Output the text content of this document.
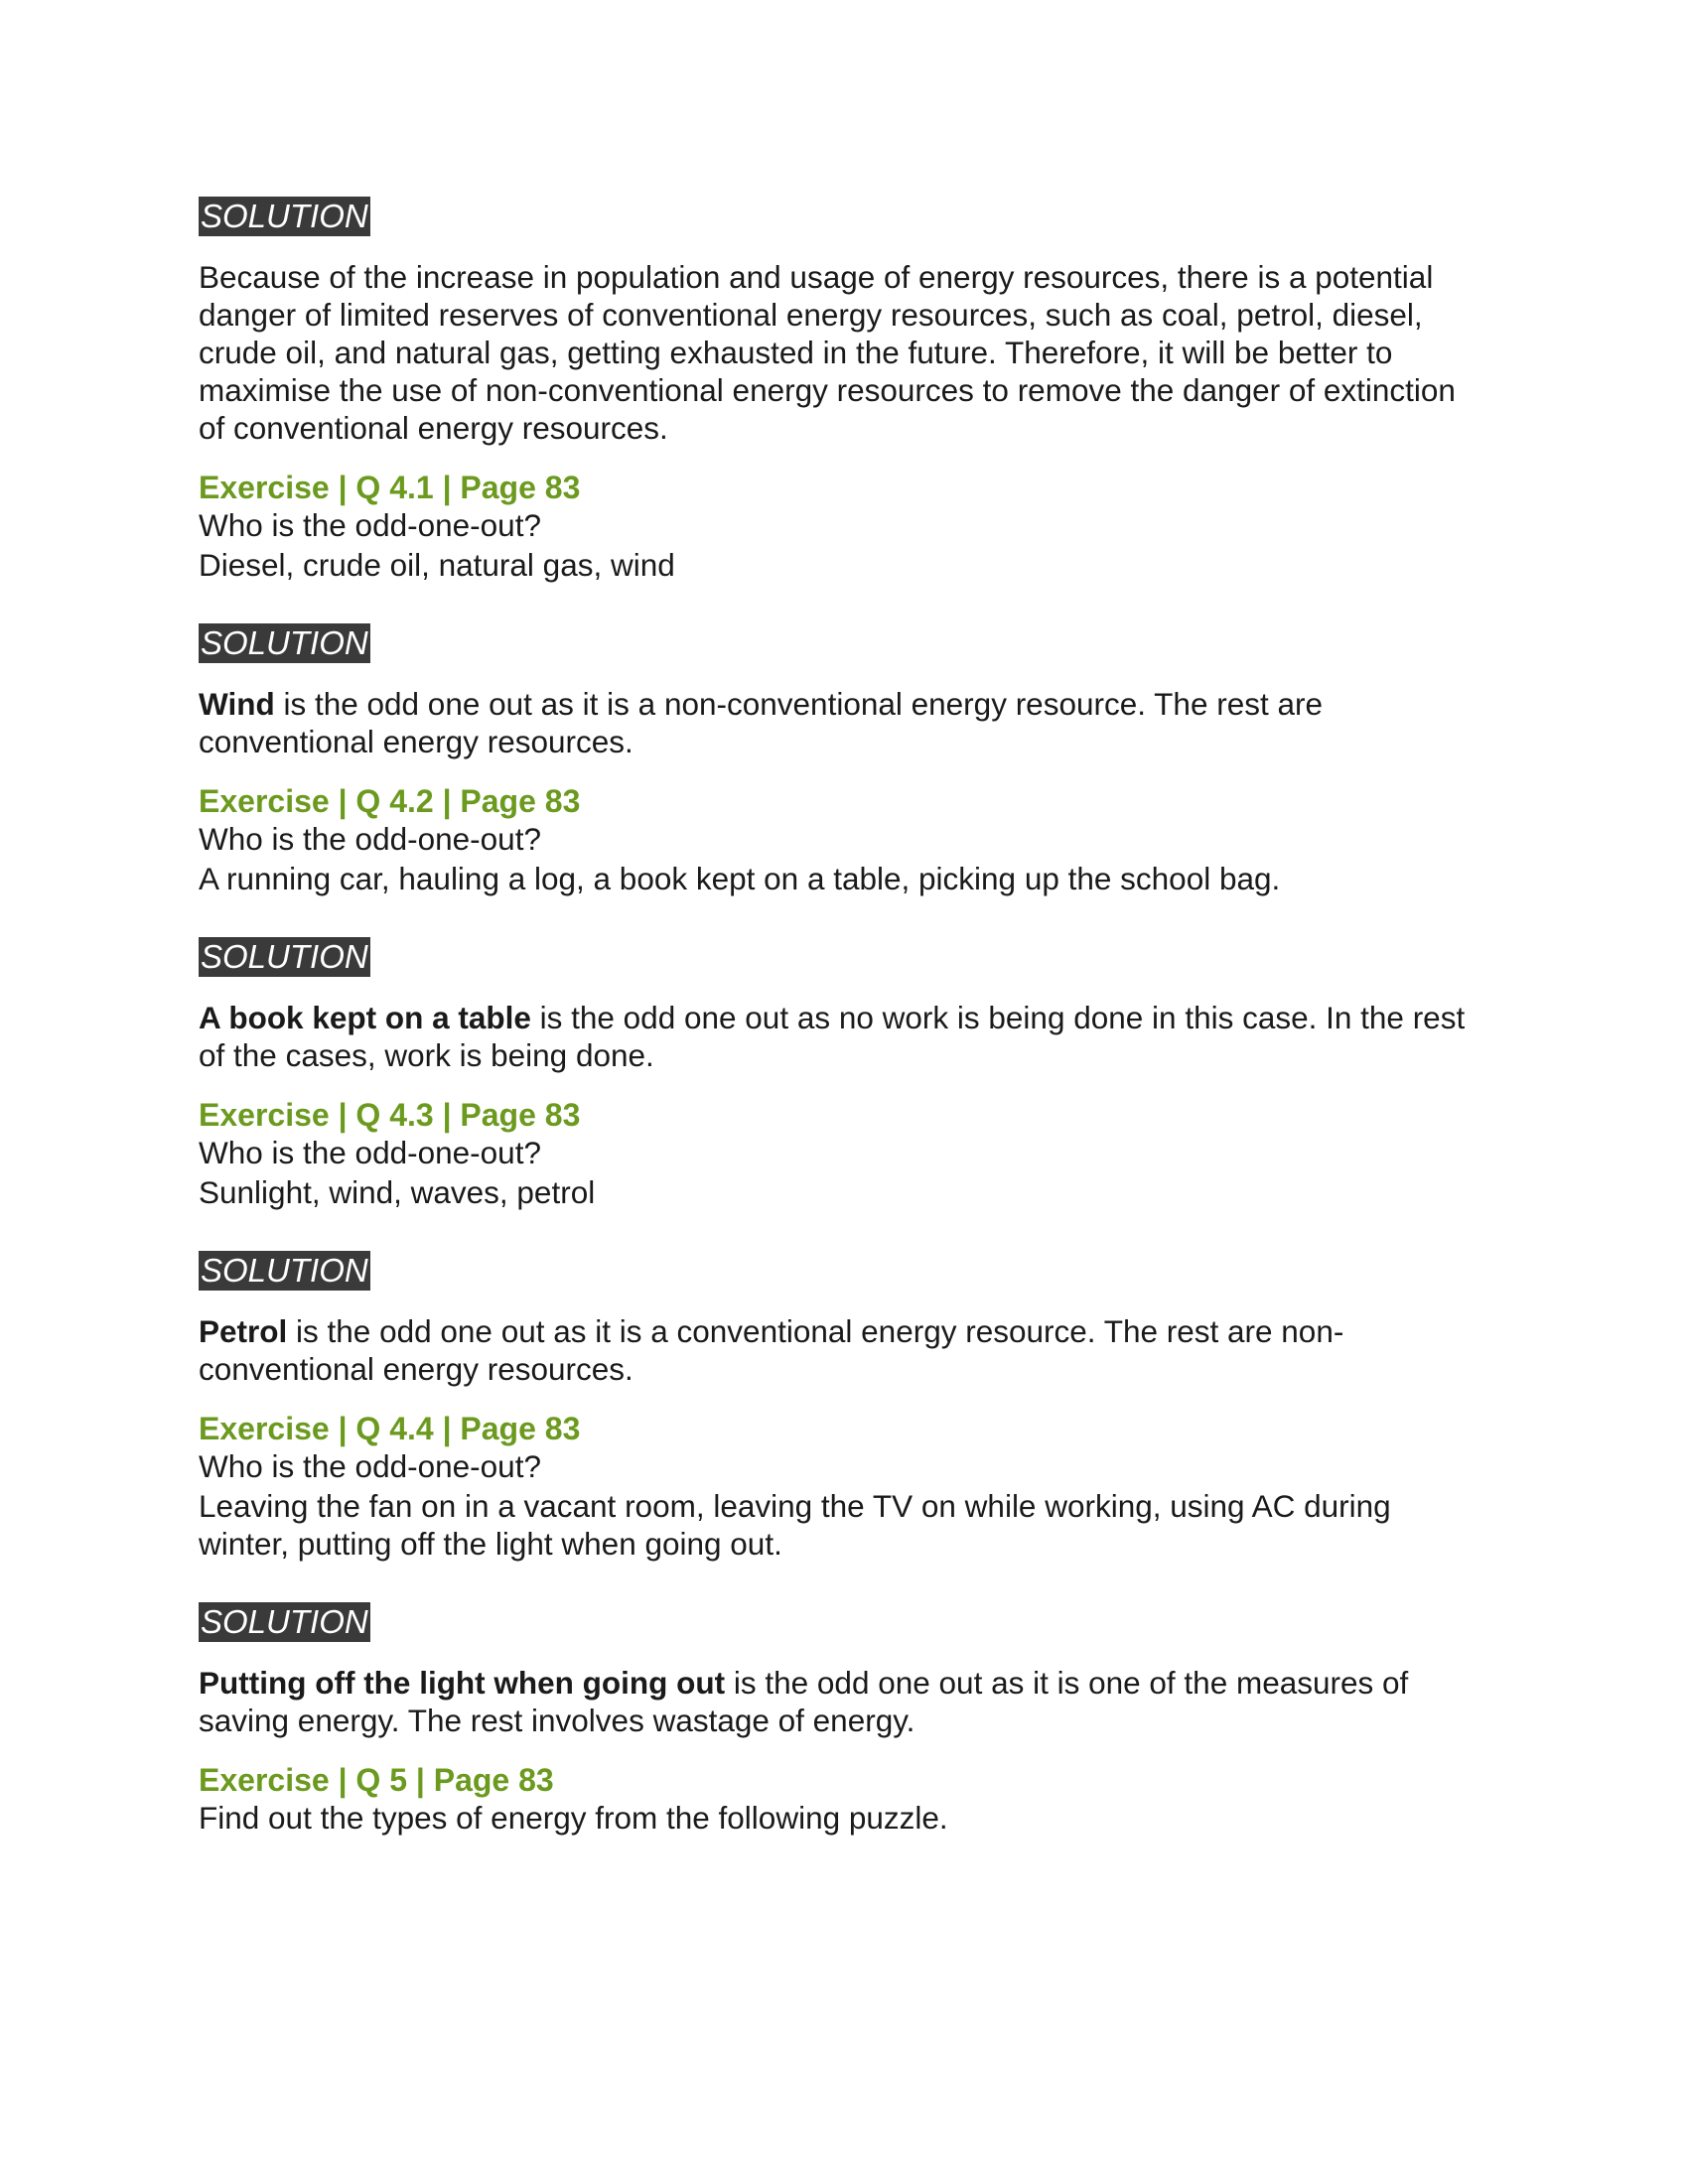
SOLUTION

Because of the increase in population and usage of energy resources, there is a potential danger of limited reserves of conventional energy resources, such as coal, petrol, diesel, crude oil, and natural gas, getting exhausted in the future. Therefore, it will be better to maximise the use of non-conventional energy resources to remove the danger of extinction of conventional energy resources.

Exercise | Q 4.1 | Page 83

Who is the odd-one-out?

Diesel, crude oil, natural gas, wind

SOLUTION

Wind is the odd one out as it is a non-conventional energy resource. The rest are conventional energy resources.

Exercise | Q 4.2 | Page 83

Who is the odd-one-out?

A running car, hauling a log, a book kept on a table, picking up the school bag.

SOLUTION

A book kept on a table is the odd one out as no work is being done in this case. In the rest of the cases, work is being done.

Exercise | Q 4.3 | Page 83

Who is the odd-one-out?

Sunlight, wind, waves, petrol

SOLUTION

Petrol is the odd one out as it is a conventional energy resource. The rest are non-conventional energy resources.

Exercise | Q 4.4 | Page 83

Who is the odd-one-out?

Leaving the fan on in a vacant room, leaving the TV on while working, using AC during winter, putting off the light when going out.

SOLUTION

Putting off the light when going out is the odd one out as it is one of the measures of saving energy. The rest involves wastage of energy.

Exercise | Q 5 | Page 83

Find out the types of energy from the following puzzle.
